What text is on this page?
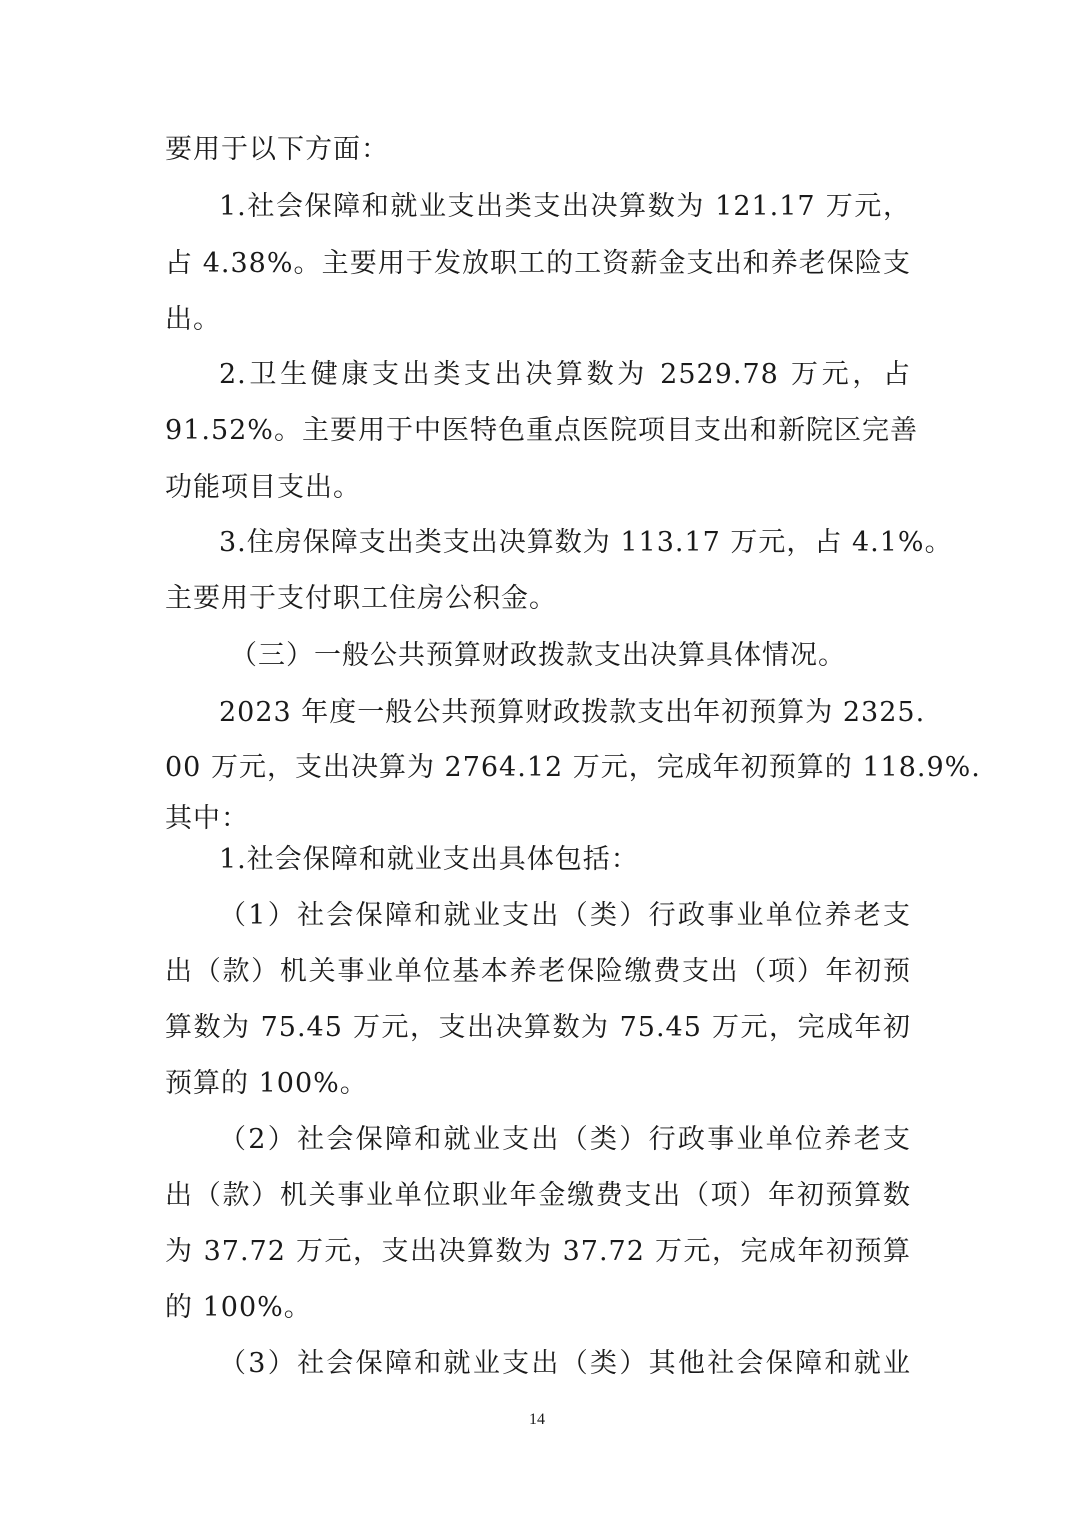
要用于以下方面：
1.社会保障和就业支出类支出决算数为 121.17 万元，
占 4.38%。主要用于发放职工的工资薪金支出和养老保险支
出。
2.卫生健康支出类支出决算数为 2529.78 万元，占
91.52%。主要用于中医特色重点医院项目支出和新院区完善
功能项目支出。
3.住房保障支出类支出决算数为 113.17 万元，占 4.1%。
主要用于支付职工住房公积金。
（三）一般公共预算财政拨款支出决算具体情况。
2023 年度一般公共预算财政拨款支出年初预算为 2325.
00 万元，支出决算为 2764.12 万元，完成年初预算的 118.9%.
其中：
1.社会保障和就业支出具体包括：
（1）社会保障和就业支出（类）行政事业单位养老支
出（款）机关事业单位基本养老保险缴费支出（项）年初预
算数为 75.45 万元，支出决算数为 75.45 万元，完成年初
预算的 100%。
（2）社会保障和就业支出（类）行政事业单位养老支
出（款）机关事业单位职业年金缴费支出（项）年初预算数
为 37.72 万元，支出决算数为 37.72 万元，完成年初预算
的 100%。
（3）社会保障和就业支出（类）其他社会保障和就业
14
